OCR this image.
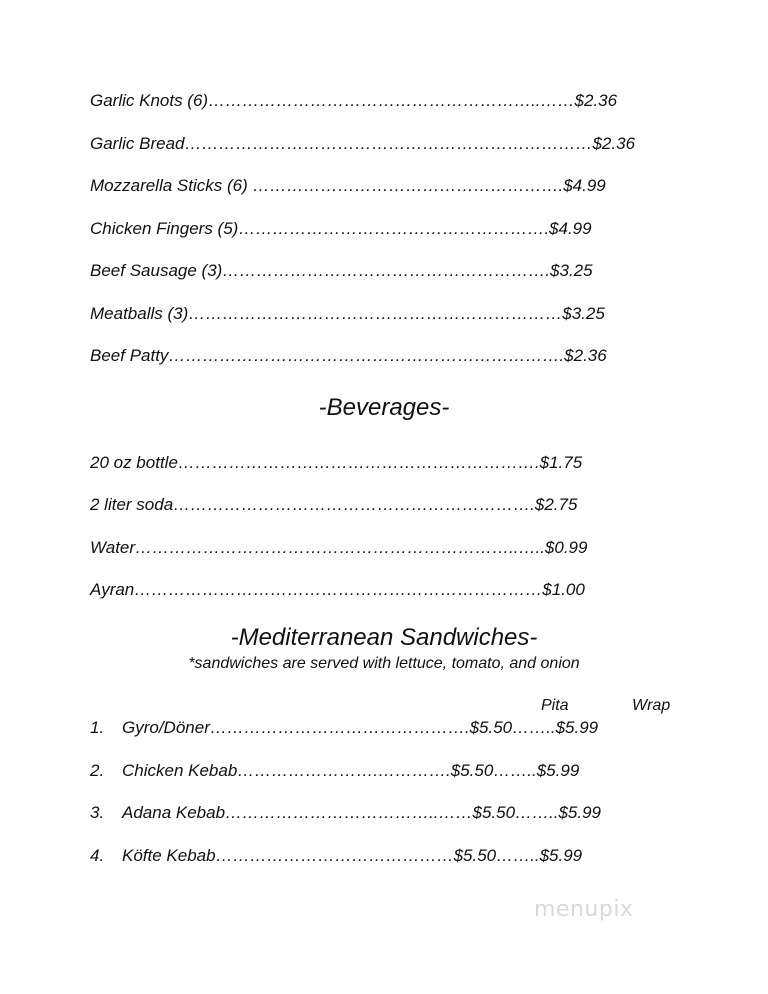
Garlic Knots (6)…………………………………………………..……$2.36
Garlic Bread………………………………………………………………$2.36
Mozzarella Sticks (6) ……………………………………………….$4.99
Chicken Fingers (5)……………………………………………….$4.99
Beef Sausage (3)………………………………………………….$3.25
Meatballs (3)…………………………………………………………$3.25
Beef Patty…………………………………………………………….$2.36
-Beverages-
20 oz bottle……………………………………………………….$1.75
2 liter soda……………………………………………………….$2.75
Water…………………………………………………………..…..$0.99
Ayran………………………………………………………………$1.00
-Mediterranean Sandwiches-
*sandwiches are served with lettuce, tomato, and onion
Pita	Wrap
1. Gyro/Döner……………………………………….$5.50……..$5.99
2. Chicken Kebab…………………….………….$5.50……..$5.99
3. Adana Kebab………………………………..……$5.50……..$5.99
4. Köfte Kebab……………………………………$5.50……..$5.99
menupix
